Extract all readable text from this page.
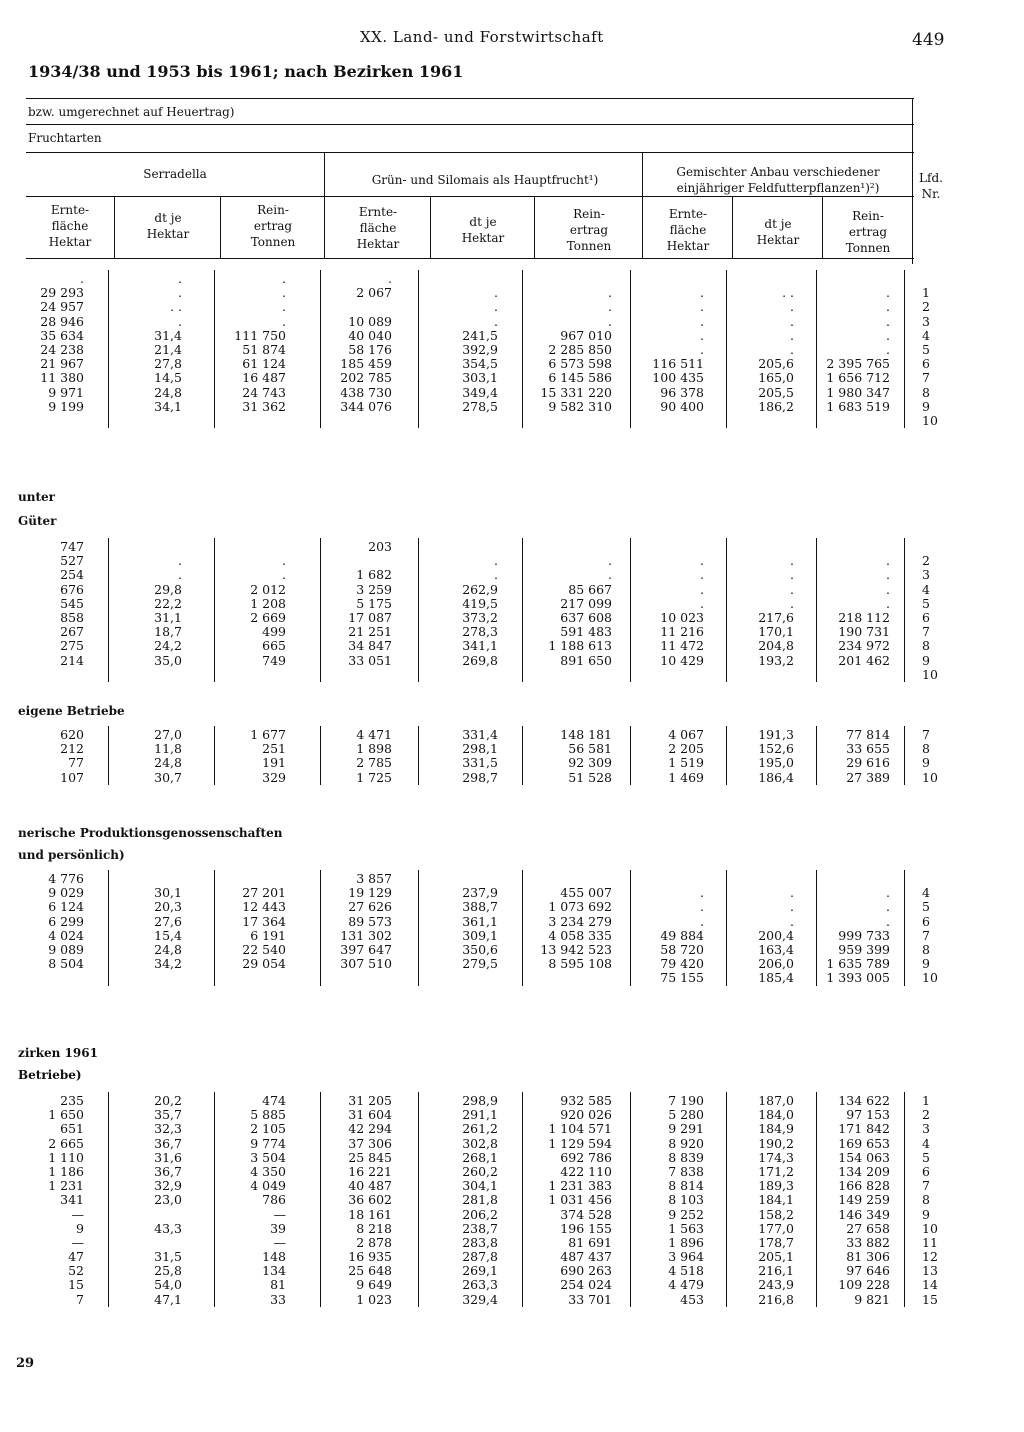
XX. Land- und Forstwirtschaft	449
1934/38 und 1953 bis 1961; nach Bezirken 1961
bzw. umgerechnet auf Heuertrag)
Fruchtarten
Serradella	Grün- und Silomais als Hauptfrucht¹)
Gemischter Anbau verschiedener
einjähriger Feldfutterpflanzen¹)²)
Lfd.
Nr.
Ernte-
fläche
Hektar
dt je
Hektar
Rein-
ertrag
Tonnen
Ernte-
fläche
Hektar
dt je
Hektar
Rein-
ertrag
Tonnen
Ernte-
fläche
Hektar
dt je
Hektar
Rein-
ertrag
Tonnen
.
29 293
24 957
28 946
35 634
24 238
21 967
11 380
9 971
9 199
.
.
. .
.
31,4
21,4
27,8
14,5
24,8
34,1
.
.
.
.
111 750
51 874
61 124
16 487
24 743
31 362
.
2 067
10 089
40 040
58 176
185 459
202 785
438 730
344 076
.
.
.
241,5
392,9
354,5
303,1
349,4
278,5
.
.
.
967 010
2 285 850
6 573 598
6 145 586
15 331 220
9 582 310
.
.
.
.
.
116 511
100 435
96 378
90 400
. .
.
.
.
.
205,6
165,0
205,5
186,2
.
.
.
.
.
2 395 765
1 656 712
1 980 347
1 683 519
1
2
3
4
5
6
7
8
9
10
unter
Güter
747
527
254
676
545
858
267
275
214
.
.
29,8
22,2
31,1
18,7
24,2
35,0
.
.
2 012
1 208
2 669
499
665
749
203
1 682
3 259
5 175
17 087
21 251
34 847
33 051
.
.
262,9
419,5
373,2
278,3
341,1
269,8
.
.
85 667
217 099
637 608
591 483
1 188 613
891 650
.
.
.
.
10 023
11 216
11 472
10 429
.
.
.
.
217,6
170,1
204,8
193,2
.
.
.
.
218 112
190 731
234 972
201 462
2
3
4
5
6
7
8
9
10
eigene Betriebe
620
212
77
107
27,0
11,8
24,8
30,7
1 677
251
191
329
4 471
1 898
2 785
1 725
331,4
298,1
331,5
298,7
148 181
56 581
92 309
51 528
4 067
2 205
1 519
1 469
191,3
152,6
195,0
186,4
77 814
33 655
29 616
27 389
7
8
9
10
nerische Produktionsgenossenschaften
und persönlich)
4 776
9 029
6 124
6 299
4 024
9 089
8 504
30,1
20,3
27,6
15,4
24,8
34,2
27 201
12 443
17 364
6 191
22 540
29 054
3 857
19 129
27 626
89 573
131 302
397 647
307 510
237,9
388,7
361,1
309,1
350,6
279,5
455 007
1 073 692
3 234 279
4 058 335
13 942 523
8 595 108
.
.
.
49 884
58 720
79 420
75 155
.
.
.
200,4
163,4
206,0
185,4
.
.
.
999 733
959 399
1 635 789
1 393 005
4
5
6
7
8
9
10
zirken 1961
Betriebe)
235
1 650
651
2 665
1 110
1 186
1 231
341
—
9
—
47
52
15
7
20,2
35,7
32,3
36,7
31,6
36,7
32,9
23,0
43,3
31,5
25,8
54,0
47,1
474
5 885
2 105
9 774
3 504
4 350
4 049
786
—
39
—
148
134
81
33
31 205
31 604
42 294
37 306
25 845
16 221
40 487
36 602
18 161
8 218
2 878
16 935
25 648
9 649
1 023
298,9
291,1
261,2
302,8
268,1
260,2
304,1
281,8
206,2
238,7
283,8
287,8
269,1
263,3
329,4
932 585
920 026
1 104 571
1 129 594
692 786
422 110
1 231 383
1 031 456
374 528
196 155
81 691
487 437
690 263
254 024
33 701
7 190
5 280
9 291
8 920
8 839
7 838
8 814
8 103
9 252
1 563
1 896
3 964
4 518
4 479
453
187,0
184,0
184,9
190,2
174,3
171,2
189,3
184,1
158,2
177,0
178,7
205,1
216,1
243,9
216,8
134 622
97 153
171 842
169 653
154 063
134 209
166 828
149 259
146 349
27 658
33 882
81 306
97 646
109 228
9 821
1
2
3
4
5
6
7
8
9
10
11
12
13
14
15
29
